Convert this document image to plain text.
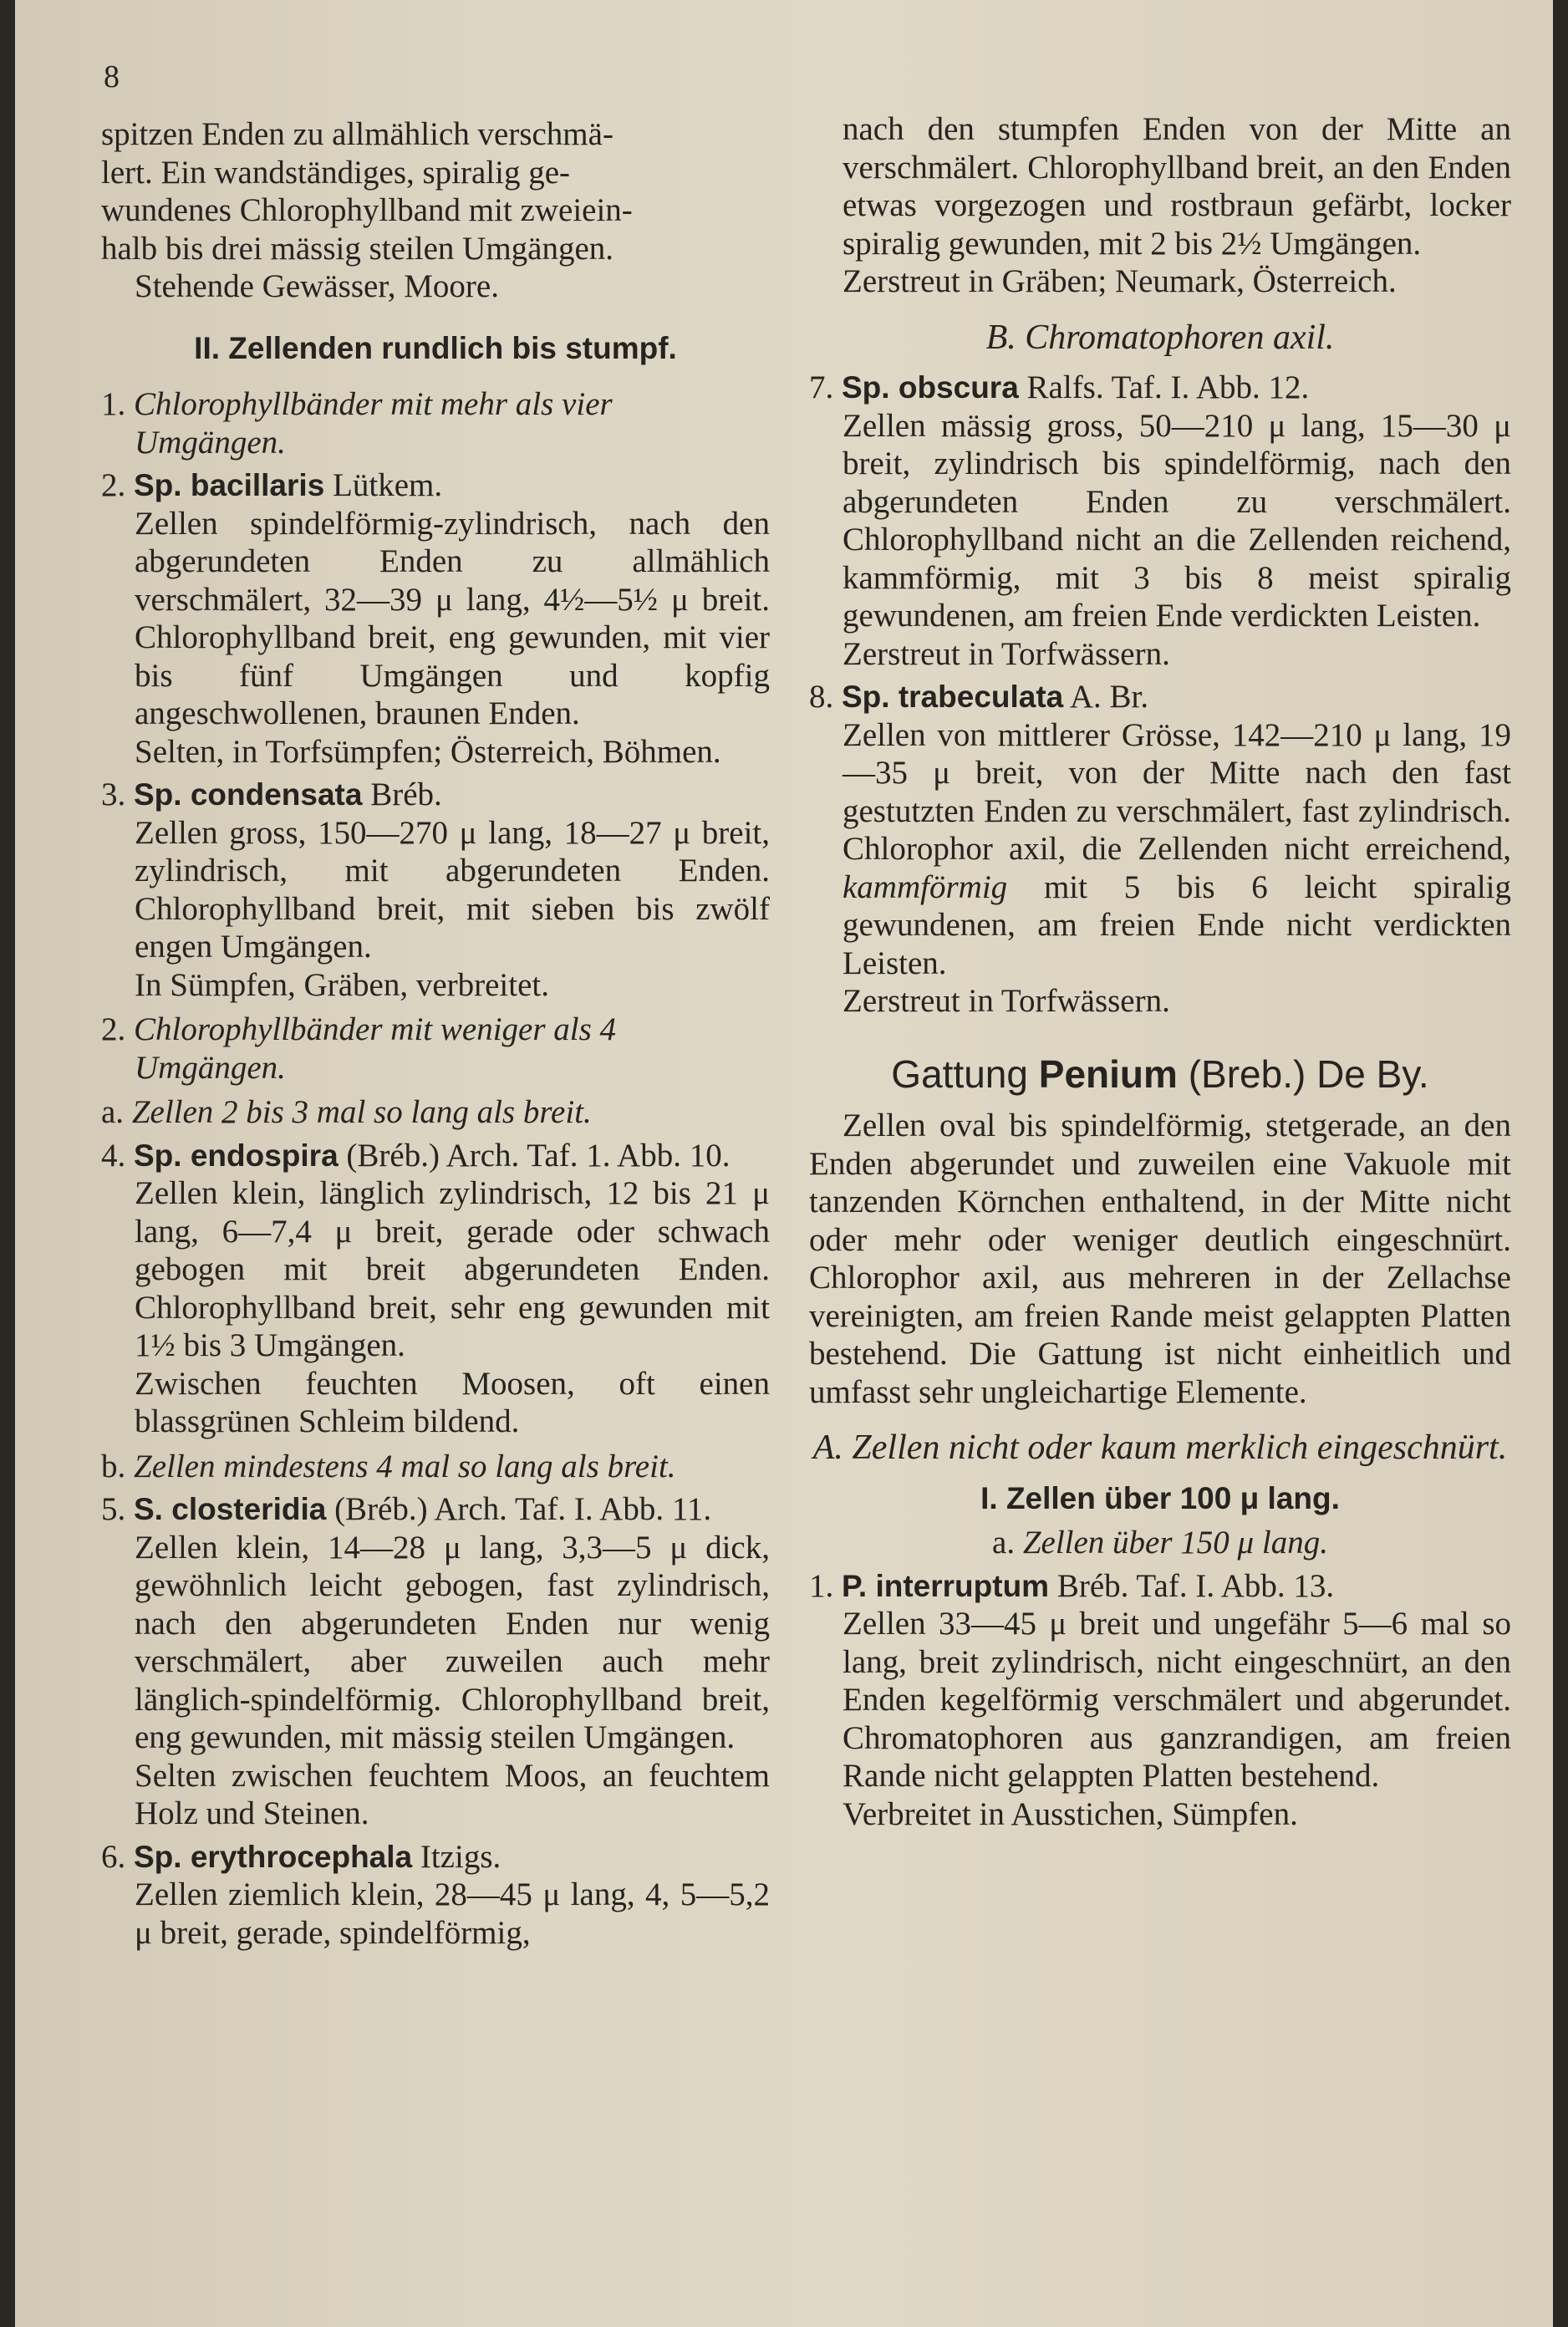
8
spitzen Enden zu allmählich verschmä-
lert. Ein wandständiges, spiralig ge-
wundenes Chlorophyllband mit zweiein-
halb bis drei mässig steilen Umgängen.
Stehende Gewässer, Moore.
II. Zellenden rundlich bis stumpf.
1. Chlorophyllbänder mit mehr als vier Umgängen.
2. Sp. bacillaris Lütkem.
Zellen spindelförmig-zylindrisch, nach den abgerundeten Enden zu allmählich verschmälert, 32—39 μ lang, 4½—5½ μ breit. Chlorophyllband breit, eng gewunden, mit vier bis fünf Umgängen und kopfig angeschwollenen, braunen Enden.
Selten, in Torfsümpfen; Österreich, Böhmen.
3. Sp. condensata Bréb.
Zellen gross, 150—270 μ lang, 18—27 μ breit, zylindrisch, mit abgerundeten Enden. Chlorophyllband breit, mit sieben bis zwölf engen Umgängen.
In Sümpfen, Gräben, verbreitet.
2. Chlorophyllbänder mit weniger als 4 Umgängen.
a. Zellen 2 bis 3 mal so lang als breit.
4. Sp. endospira (Bréb.) Arch. Taf. 1. Abb. 10.
Zellen klein, länglich zylindrisch, 12 bis 21 μ lang, 6—7,4 μ breit, gerade oder schwach gebogen mit breit abgerundeten Enden. Chlorophyllband breit, sehr eng gewunden mit 1½ bis 3 Umgängen.
Zwischen feuchten Moosen, oft einen blassgrünen Schleim bildend.
b. Zellen mindestens 4 mal so lang als breit.
5. S. closteridia (Bréb.) Arch. Taf. I. Abb. 11.
Zellen klein, 14—28 μ lang, 3,3—5 μ dick, gewöhnlich leicht gebogen, fast zylindrisch, nach den abgerundeten Enden nur wenig verschmälert, aber zuweilen auch mehr länglich-spindelförmig. Chlorophyllband breit, eng gewunden, mit mässig steilen Umgängen.
Selten zwischen feuchtem Moos, an feuchtem Holz und Steinen.
6. Sp. erythrocephala Itzigs.
Zellen ziemlich klein, 28—45 μ lang, 4, 5—5,2 μ breit, gerade, spindelförmig,
nach den stumpfen Enden von der Mitte an verschmälert. Chlorophyllband breit, an den Enden etwas vorgezogen und rostbraun gefärbt, locker spiralig gewunden, mit 2 bis 2½ Umgängen.
Zerstreut in Gräben; Neumark, Österreich.
B. Chromatophoren axil.
7. Sp. obscura Ralfs. Taf. I. Abb. 12.
Zellen mässig gross, 50—210 μ lang, 15—30 μ breit, zylindrisch bis spindelförmig, nach den abgerundeten Enden zu verschmälert. Chlorophyllband nicht an die Zellenden reichend, kammförmig, mit 3 bis 8 meist spiralig gewundenen, am freien Ende verdickten Leisten.
Zerstreut in Torfwässern.
8. Sp. trabeculata A. Br.
Zellen von mittlerer Grösse, 142—210 μ lang, 19—35 μ breit, von der Mitte nach den fast gestutzten Enden zu verschmälert, fast zylindrisch. Chlorophor axil, die Zellenden nicht erreichend, kammförmig mit 5 bis 6 leicht spiralig gewundenen, am freien Ende nicht verdickten Leisten.
Zerstreut in Torfwässern.
Gattung Penium (Breb.) De By.
Zellen oval bis spindelförmig, stetgerade, an den Enden abgerundet und zuweilen eine Vakuole mit tanzenden Körnchen enthaltend, in der Mitte nicht oder mehr oder weniger deutlich eingeschnürt. Chlorophor axil, aus mehreren in der Zellachse vereinigten, am freien Rande meist gelappten Platten bestehend. Die Gattung ist nicht einheitlich und umfasst sehr ungleichartige Elemente.
A. Zellen nicht oder kaum merklich eingeschnürt.
I. Zellen über 100 μ lang.
a. Zellen über 150 μ lang.
1. P. interruptum Bréb. Taf. I. Abb. 13.
Zellen 33—45 μ breit und ungefähr 5—6 mal so lang, breit zylindrisch, nicht eingeschnürt, an den Enden kegelförmig verschmälert und abgerundet. Chromatophoren aus ganzrandigen, am freien Rande nicht gelappten Platten bestehend.
Verbreitet in Ausstichen, Sümpfen.
